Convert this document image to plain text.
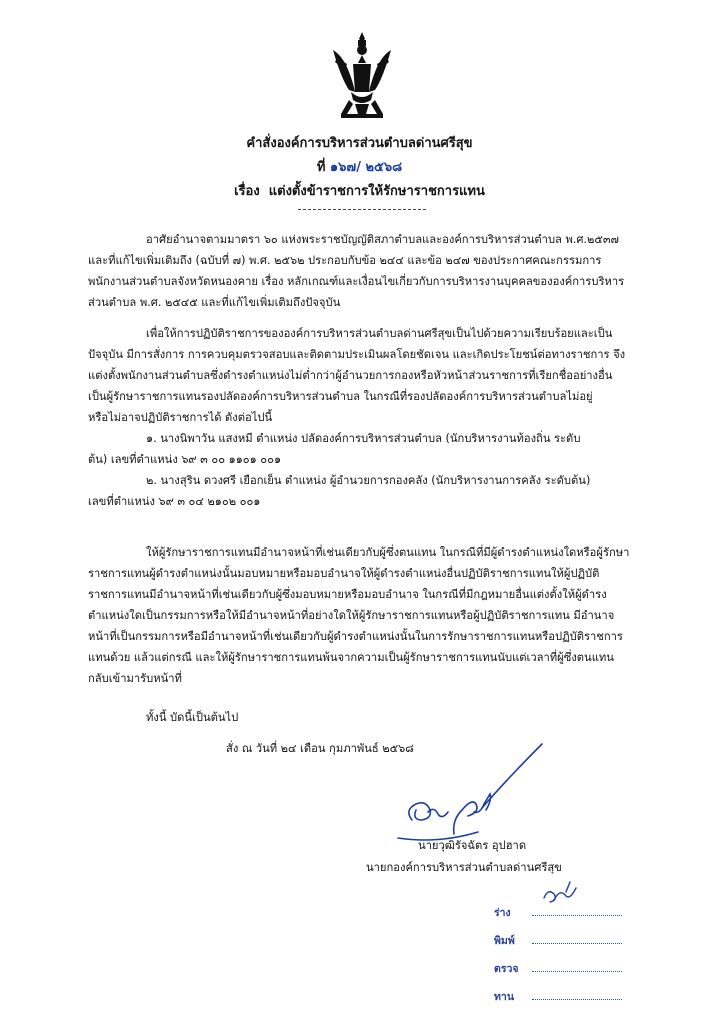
คำสั่งองค์การบริหารส่วนตำบลด่านศรีสุข
ที่ ๑๖๗/ ๒๕๖๘
เรื่อง แต่งตั้งข้าราชการให้รักษาราชการแทน
อาศัยอำนาจตามมาตรา ๖๐ แห่งพระราชบัญญัติสภาตำบลและองค์การบริหารส่วนตำบล พ.ศ.๒๕๓๗
และที่แก้ไขเพิ่มเติมถึง (ฉบับที่ ๗) พ.ศ. ๒๕๖๒ ประกอบกับข้อ ๒๔๔ และข้อ ๒๔๗ ของประกาศคณะกรรมการ
พนักงานส่วนตำบลจังหวัดหนองคาย เรื่อง หลักเกณฑ์และเงื่อนไขเกี่ยวกับการบริหารงานบุคคลขององค์การบริหาร
ส่วนตำบล พ.ศ. ๒๕๔๕ และที่แก้ไขเพิ่มเติมถึงปัจจุบัน
เพื่อให้การปฏิบัติราชการขององค์การบริหารส่วนตำบลด่านศรีสุขเป็นไปด้วยความเรียบร้อยและเป็น
ปัจจุบัน มีการสั่งการ การควบคุมตรวจสอบและติดตามประเมินผลโดยชัดเจน และเกิดประโยชน์ต่อทางราชการ จึง
แต่งตั้งพนักงานส่วนตำบลซึ่งดำรงตำแหน่งไม่ต่ำกว่าผู้อำนวยการกองหรือหัวหน้าส่วนราชการที่เรียกชื่ออย่างอื่น
เป็นผู้รักษาราชการแทนรองปลัดองค์การบริหารส่วนตำบล ในกรณีที่รองปลัดองค์การบริหารส่วนตำบลไม่อยู่
หรือไม่อาจปฏิบัติราชการได้ ดังต่อไปนี้
๑. นางนิพาวัน แสงหมี ตำแหน่ง ปลัดองค์การบริหารส่วนตำบล (นักบริหารงานท้องถิ่น ระดับ
ต้น) เลขที่ตำแหน่ง ๖๙ ๓ ๐๐ ๑๑๐๑ ๐๐๑
๒. นางสุริน ดวงศรี เยือกเย็น ตำแหน่ง ผู้อำนวยการกองคลัง (นักบริหารงานการคลัง ระดับต้น)
เลขที่ตำแหน่ง ๖๙ ๓ ๐๔ ๒๑๐๒ ๐๐๑
ให้ผู้รักษาราชการแทนมีอำนาจหน้าที่เช่นเดียวกับผู้ซึ่งตนแทน ในกรณีที่มีผู้ดำรงตำแหน่งใดหรือผู้รักษา
ราชการแทนผู้ดำรงตำแหน่งนั้นมอบหมายหรือมอบอำนาจให้ผู้ดำรงตำแหน่งอื่นปฏิบัติราชการแทนให้ผู้ปฏิบัติ
ราชการแทนมีอำนาจหน้าที่เช่นเดียวกับผู้ซึ่งมอบหมายหรือมอบอำนาจ ในกรณีที่มีกฎหมายอื่นแต่งตั้งให้ผู้ดำรง
ตำแหน่งใดเป็นกรรมการหรือให้มีอำนาจหน้าที่อย่างใดให้ผู้รักษาราชการแทนหรือผู้ปฏิบัติราชการแทน มีอำนาจ
หน้าที่เป็นกรรมการหรือมีอำนาจหน้าที่เช่นเดียวกับผู้ดำรงตำแหน่งนั้นในการรักษาราชการแทนหรือปฏิบัติราชการ
แทนด้วย แล้วแต่กรณี และให้ผู้รักษาราชการแทนพ้นจากความเป็นผู้รักษาราชการแทนนับแต่เวลาที่ผู้ซึ่งตนแทน
กลับเข้ามารับหน้าที่
ทั้งนี้ บัดนี้เป็นต้นไป
สั่ง ณ วันที่ ๒๔ เดือน กุมภาพันธ์ ๒๕๖๘
นายวุฒิรัจฉัตร อุปฮาด
นายกองค์การบริหารส่วนตำบลด่านศรีสุข
ร่าง
พิมพ์
ตรวจ
ทาน
